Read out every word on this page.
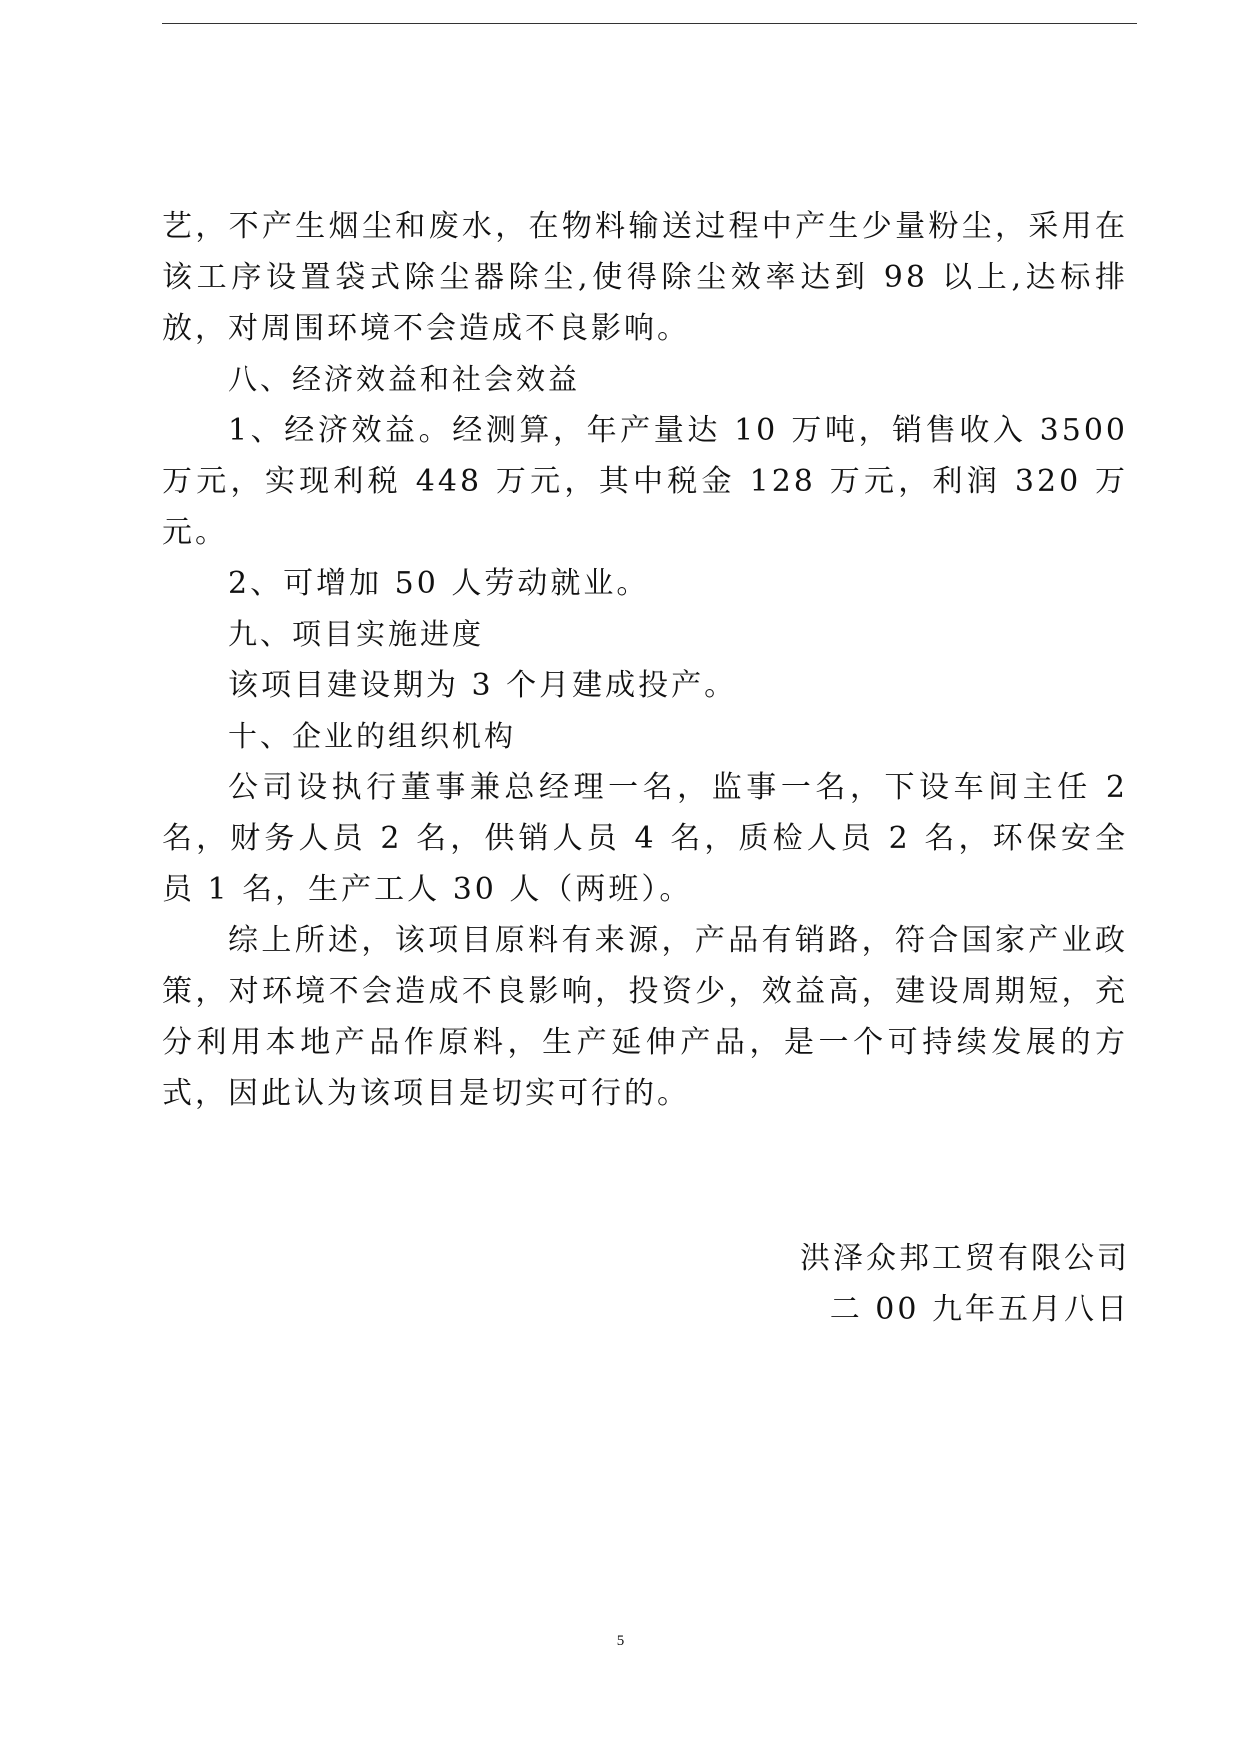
艺，不产生烟尘和废水，在物料输送过程中产生少量粉尘，采用在该工序设置袋式除尘器除尘,使得除尘效率达到 98 以上,达标排放，对周围环境不会造成不良影响。

八、经济效益和社会效益

1、经济效益。经测算，年产量达 10 万吨，销售收入 3500 万元，实现利税 448 万元，其中税金 128 万元，利润 320 万元。

2、可增加 50 人劳动就业。

九、项目实施进度

该项目建设期为 3 个月建成投产。

十、企业的组织机构

公司设执行董事兼总经理一名，监事一名，下设车间主任 2 名，财务人员 2 名，供销人员 4 名，质检人员 2 名，环保安全员 1 名，生产工人 30 人（两班）。

综上所述，该项目原料有来源，产品有销路，符合国家产业政策，对环境不会造成不良影响，投资少，效益高，建设周期短，充分利用本地产品作原料，生产延伸产品，是一个可持续发展的方式，因此认为该项目是切实可行的。

洪泽众邦工贸有限公司
二 00 九年五月八日
5
